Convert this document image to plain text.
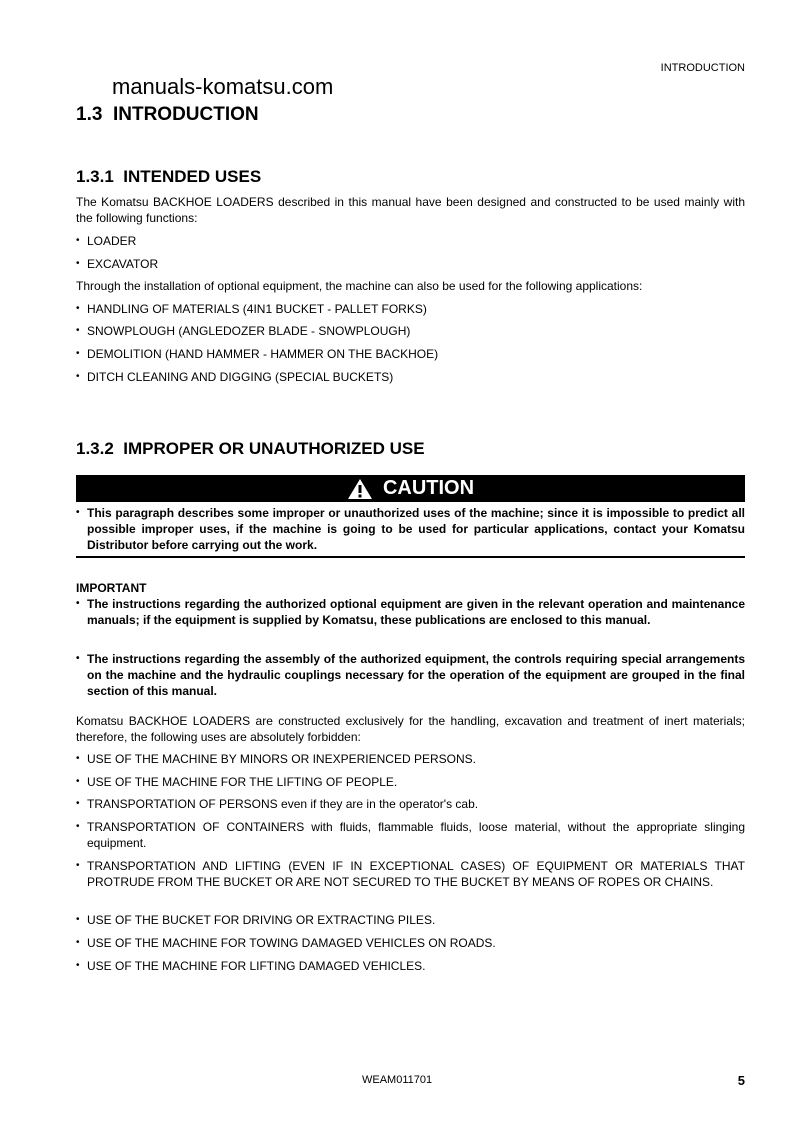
INTRODUCTION
manuals-komatsu.com
1.3 INTRODUCTION
1.3.1 INTENDED USES
The Komatsu BACKHOE LOADERS described in this manual have been designed and constructed to be used mainly with the following functions:
• LOADER
• EXCAVATOR
Through the installation of optional equipment, the machine can also be used for the following applications:
• HANDLING OF MATERIALS (4IN1 BUCKET - PALLET FORKS)
• SNOWPLOUGH (ANGLEDOZER BLADE - SNOWPLOUGH)
• DEMOLITION (HAND HAMMER - HAMMER ON THE BACKHOE)
• DITCH CLEANING AND DIGGING (SPECIAL BUCKETS)
1.3.2 IMPROPER OR UNAUTHORIZED USE
CAUTION
• This paragraph describes some improper or unauthorized uses of the machine; since it is impossible to predict all possible improper uses, if the machine is going to be used for particular applications, contact your Komatsu Distributor before carrying out the work.
IMPORTANT
• The instructions regarding the authorized optional equipment are given in the relevant operation and maintenance manuals; if the equipment is supplied by Komatsu, these publications are enclosed to this manual.
• The instructions regarding the assembly of the authorized equipment, the controls requiring special arrangements on the machine and the hydraulic couplings necessary for the operation of the equipment are grouped in the final section of this manual.
Komatsu BACKHOE LOADERS are constructed exclusively for the handling, excavation and treatment of inert materials; therefore, the following uses are absolutely forbidden:
• USE OF THE MACHINE BY MINORS OR INEXPERIENCED PERSONS.
• USE OF THE MACHINE FOR THE LIFTING OF PEOPLE.
• TRANSPORTATION OF PERSONS even if they are in the operator's cab.
• TRANSPORTATION OF CONTAINERS with fluids, flammable fluids, loose material, without the appropriate slinging equipment.
• TRANSPORTATION AND LIFTING (EVEN IF IN EXCEPTIONAL CASES) OF EQUIPMENT OR MATERIALS THAT PROTRUDE FROM THE BUCKET OR ARE NOT SECURED TO THE BUCKET BY MEANS OF ROPES OR CHAINS.
• USE OF THE BUCKET FOR DRIVING OR EXTRACTING PILES.
• USE OF THE MACHINE FOR TOWING DAMAGED VEHICLES ON ROADS.
• USE OF THE MACHINE FOR LIFTING DAMAGED VEHICLES.
WEAM011701	5
